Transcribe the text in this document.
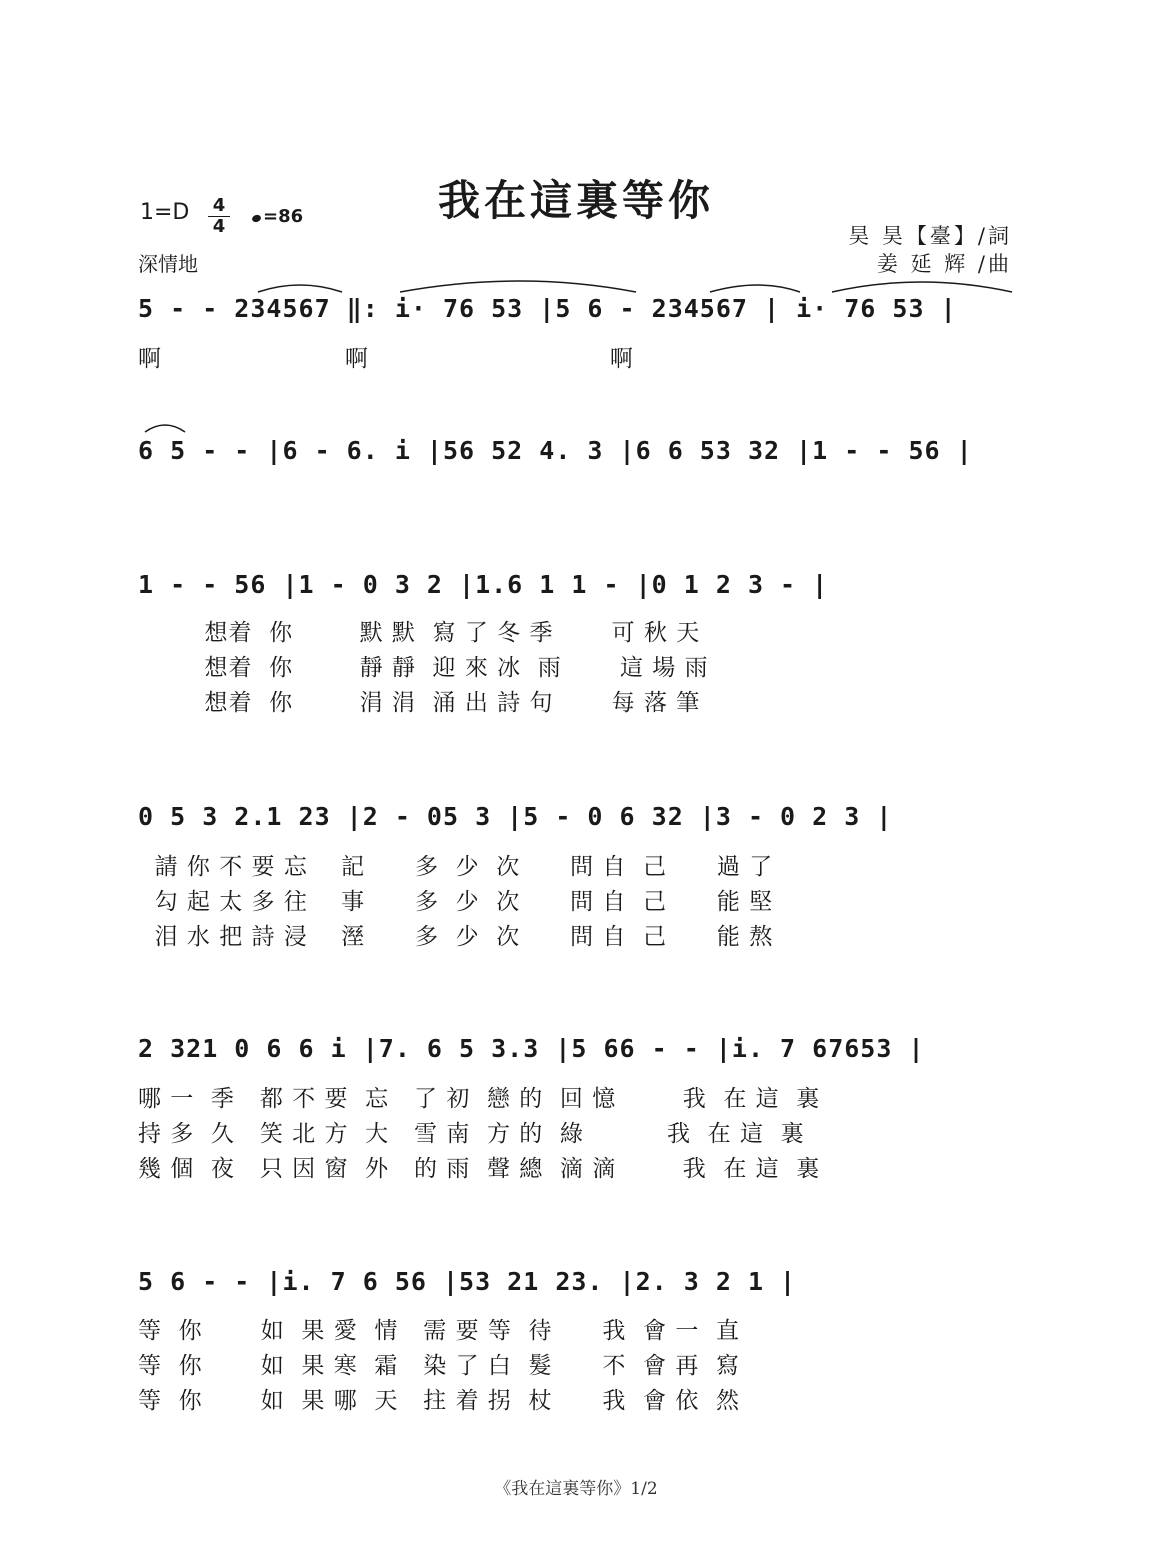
我在這裏等你
1=D 4
4	=86
深情地
昊 昊【臺】/詞
姜 延 辉 /曲
5 - - 234567 ‖: i· 76 53 |5 6 - 234567 | i· 76 53 |
啊                      啊                             啊
6 5 - - |6 - 6. i |56 52 4. 3 |6 6 53 32 |1 - - 56 |
1 - - 56 |1 - 0 3 2 |1.6 1 1 - |0 1 2 3 - |
想着  你        默 默  寫 了 冬 季       可 秋 天
想着  你        靜 靜  迎 來 冰  雨       這 場 雨
想着  你        涓 涓  涌 出 詩 句       每 落 筆
0 5 3 2.1 23 |2 - 05 3 |5 - 0 6 32 |3 - 0 2 3 |
請 你 不 要 忘    記      多  少  次      問 自  己      過 了
勾 起 太 多 往    事      多  少  次      問 自  己      能 堅
泪 水 把 詩 浸    溼      多  少  次      問 自  己      能 熬
2 321 0 6 6 i |7. 6 5 3.3 |5 66 - - |i. 7 67653 |
哪 一  季   都 不 要  忘   了 初  戀 的  回 憶        我  在 這  裏
持 多  久   笑 北 方  大   雪 南  方 的  綠          我  在 這  裏
幾 個  夜   只 因 窗  外   的 雨  聲 總  滴 滴        我  在 這  裏
5 6 - - |i. 7 6 56 |53 21 23. |2. 3 2 1 |
等  你       如  果 愛  情   需 要 等  待      我  會 一  直
等  你       如  果 寒  霜   染 了 白  髮      不  會 再  寫
等  你       如  果 哪  天   拄 着 拐  杖      我  會 依  然
《我在這裏等你》1/2
